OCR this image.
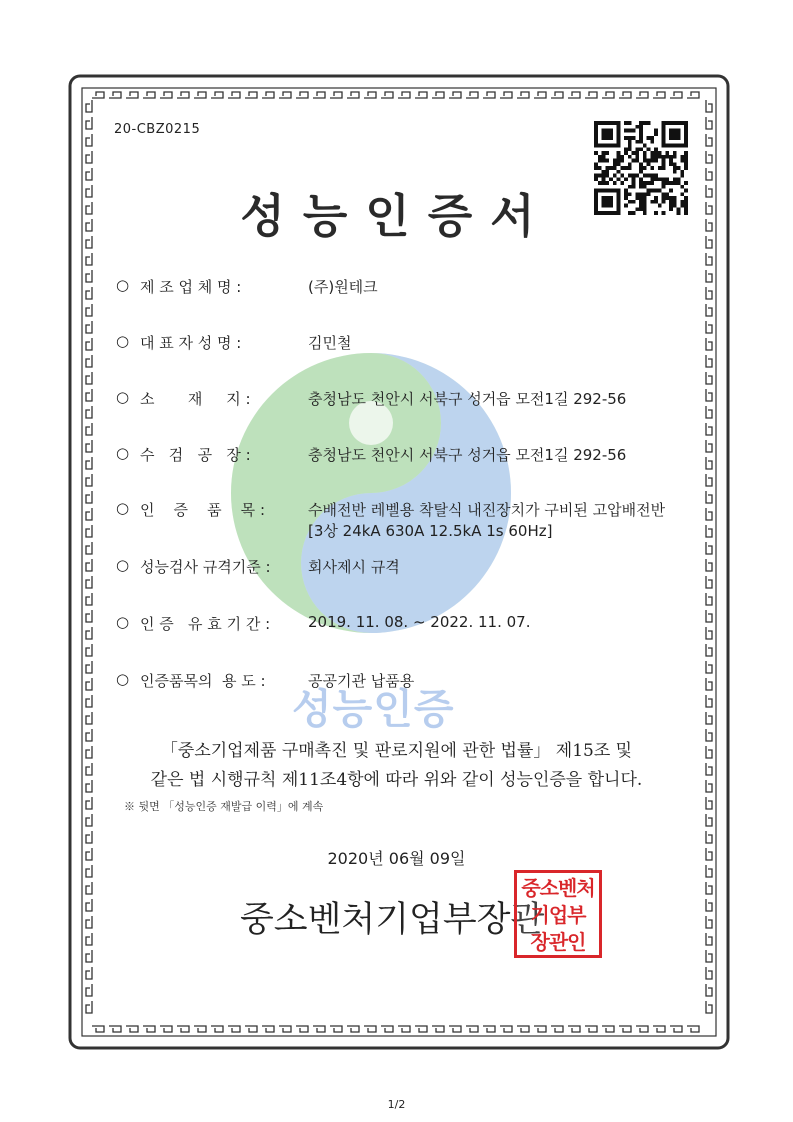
20-CBZ0215
성능인증서
성능인증
○ 제 조 업 체 명 :	(주)원테크
○ 대 표 자 성 명 :	김민철
○ 소       재     지 :	충청남도 천안시 서북구 성거읍 모전1길 292-56
○ 수   검   공   장 :	충청남도 천안시 서북구 성거읍 모전1길 292-56
○ 인    증    품    목 :	수배전반 레벨용 착탈식 내진장치가 구비된 고압배전반
[3상 24kA 630A 12.5kA 1s 60Hz]
○ 성능검사 규격기준 :	회사제시 규격
○ 인 증   유 효 기 간 :	2019. 11. 08. ~ 2022. 11. 07.
○ 인증품목의  용 도 :	공공기관 납품용
「중소기업제품 구매촉진 및 판로지원에 관한 법률」 제15조 및
같은 법 시행규칙 제11조4항에 따라 위와 같이 성능인증을 합니다.
※ 뒷면 「성능인증 재발급 이력」에 계속
2020년 06월 09일
중소벤처기업부장관
중소벤처
기업부
장관인
1/2
